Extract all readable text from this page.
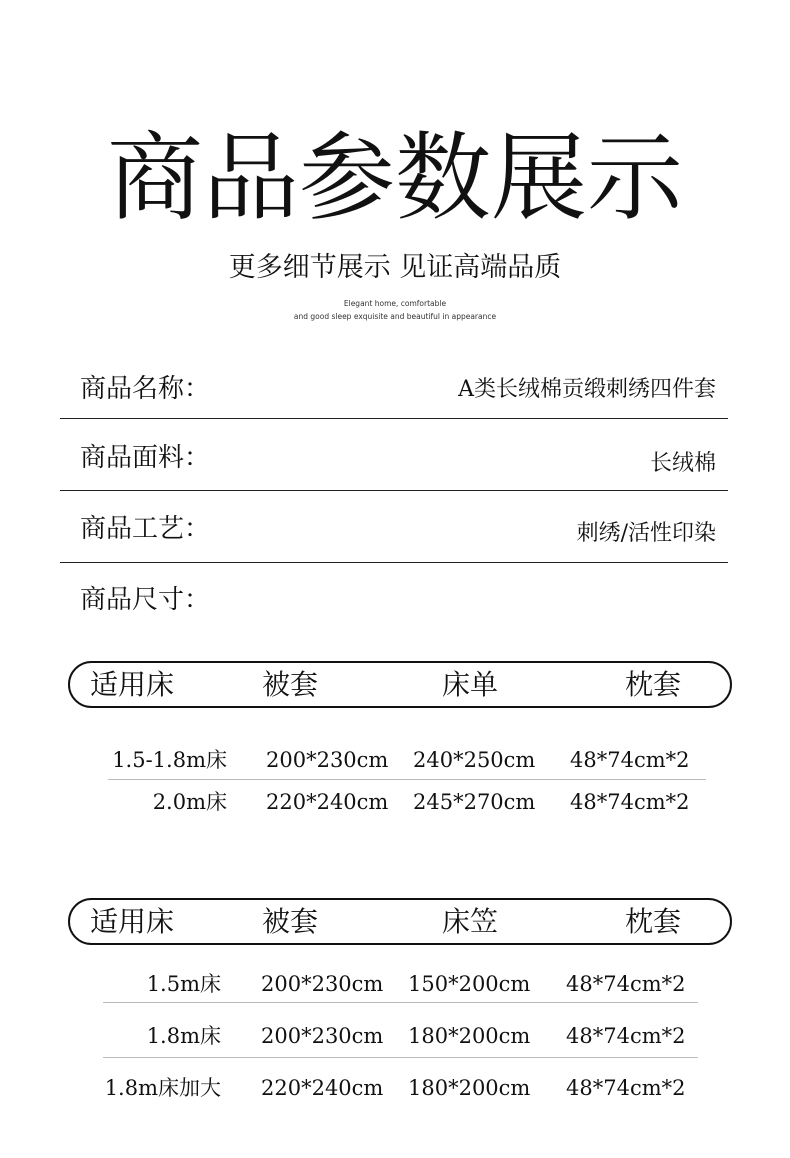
商品参数展示
更多细节展示 见证高端品质
Elegant home, comfortable
and good sleep exquisite and beautiful in appearance
商品名称：	A类长绒棉贡缎刺绣四件套
商品面料：	长绒棉
商品工艺：	刺绣/活性印染
商品尺寸：
适用床	被套	床单	枕套
1.5-1.8m床 200*230cm 240*250cm 48*74cm*2
2.0m床 220*240cm 245*270cm 48*74cm*2
适用床	被套	床笠	枕套
1.5m床 200*230cm 150*200cm 48*74cm*2
1.8m床 200*230cm 180*200cm 48*74cm*2
1.8m床加大 220*240cm 180*200cm 48*74cm*2
